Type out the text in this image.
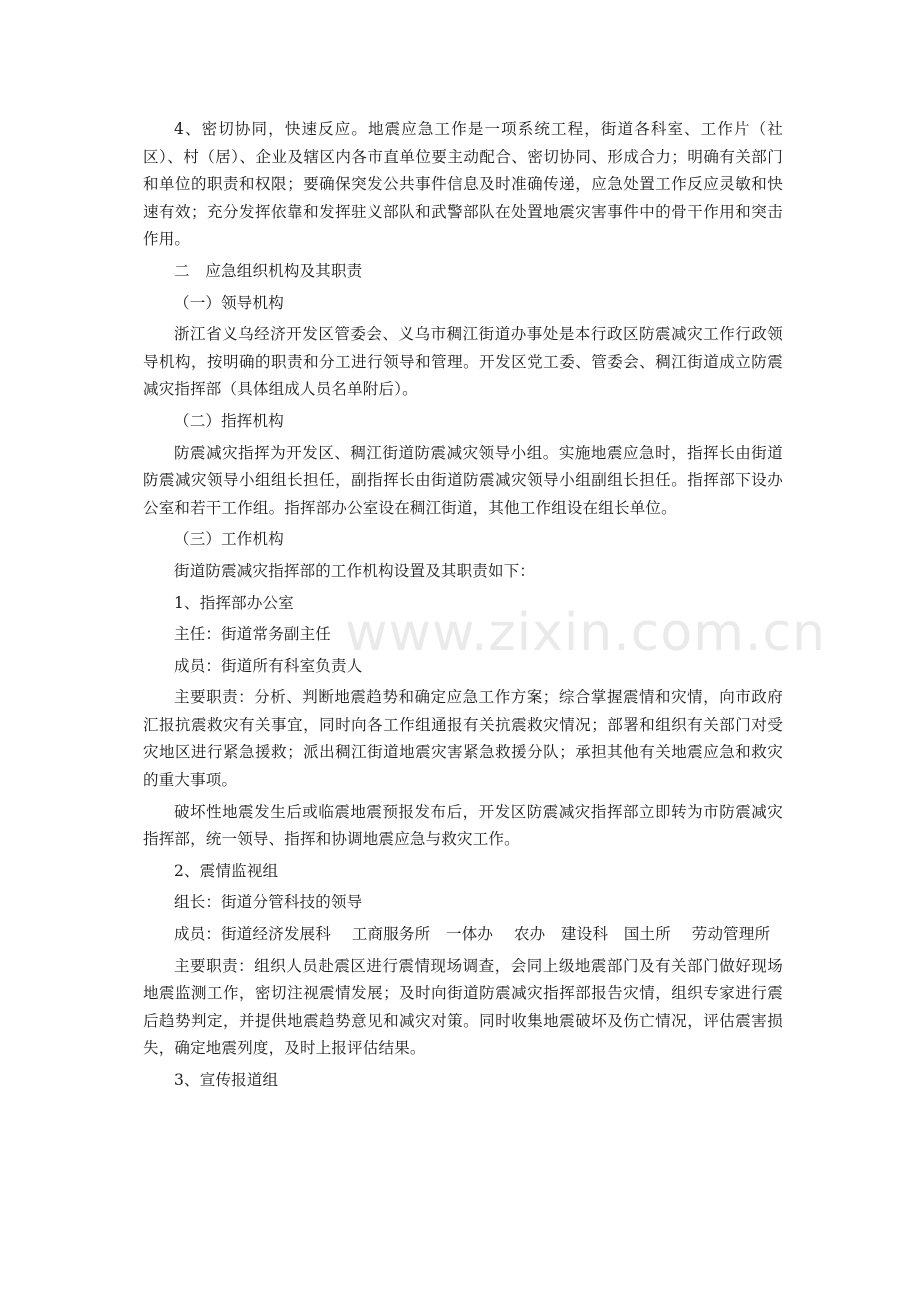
www.zixin.com.cn

4、密切协同，快速反应。地震应急工作是一项系统工程，街道各科室、工作片（社区）、村（居）、企业及辖区内各市直单位要主动配合、密切协同、形成合力；明确有关部门和单位的职责和权限；要确保突发公共事件信息及时准确传递，应急处置工作反应灵敏和快速有效；充分发挥依靠和发挥驻义部队和武警部队在处置地震灾害事件中的骨干作用和突击作用。

二　应急组织机构及其职责

（一）领导机构

浙江省义乌经济开发区管委会、义乌市稠江街道办事处是本行政区防震减灾工作行政领导机构，按明确的职责和分工进行领导和管理。开发区党工委、管委会、稠江街道成立防震减灾指挥部（具体组成人员名单附后）。

（二）指挥机构

防震减灾指挥为开发区、稠江街道防震减灾领导小组。实施地震应急时，指挥长由街道防震减灾领导小组组长担任，副指挥长由街道防震减灾领导小组副组长担任。指挥部下设办公室和若干工作组。指挥部办公室设在稠江街道，其他工作组设在组长单位。

（三）工作机构

街道防震减灾指挥部的工作机构设置及其职责如下：

1、指挥部办公室

主任：街道常务副主任

成员：街道所有科室负责人

主要职责：分析、判断地震趋势和确定应急工作方案；综合掌握震情和灾情，向市政府汇报抗震救灾有关事宜，同时向各工作组通报有关抗震救灾情况；部署和组织有关部门对受灾地区进行紧急援救；派出稠江街道地震灾害紧急救援分队；承担其他有关地震应急和救灾的重大事项。

破坏性地震发生后或临震地震预报发布后，开发区防震减灾指挥部立即转为市防震减灾指挥部，统一领导、指挥和协调地震应急与救灾工作。

2、震情监视组

组长：街道分管科技的领导

成员：街道经济发展科　 工商服务所　一体办　 农办　建设科　国土所　 劳动管理所

主要职责：组织人员赴震区进行震情现场调查，会同上级地震部门及有关部门做好现场地震监测工作，密切注视震情发展；及时向街道防震减灾指挥部报告灾情，组织专家进行震后趋势判定，并提供地震趋势意见和减灾对策。同时收集地震破坏及伤亡情况，评估震害损失，确定地震列度，及时上报评估结果。

3、宣传报道组
